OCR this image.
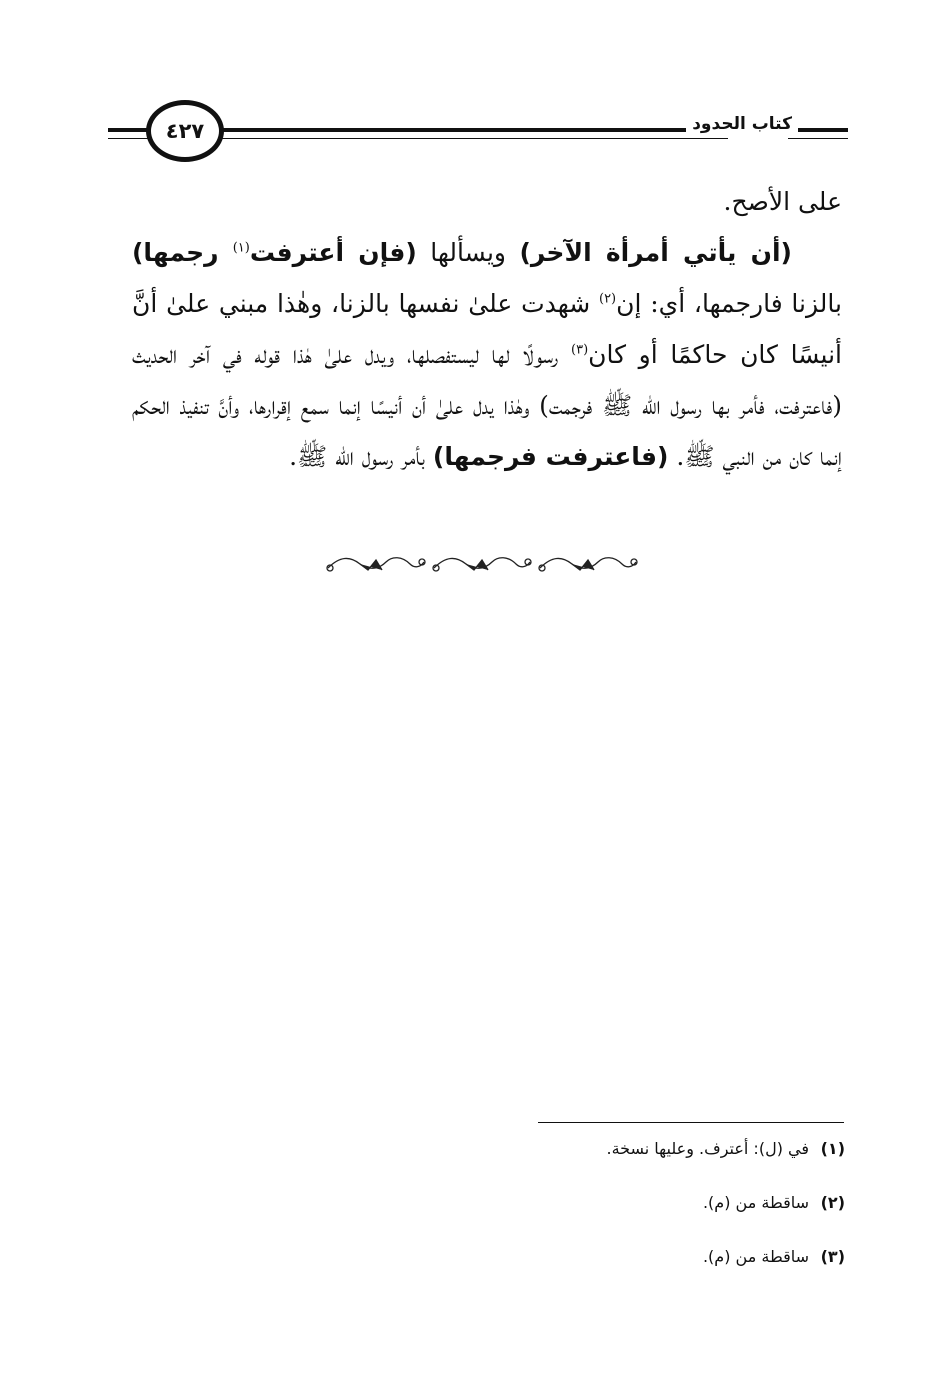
كتاب الحدود
٤٢٧

على الأصح.

(أن يأتي أمرأة الآخر) ويسألها (فإن أعترفت$^{(١)}$ رجمها) بالزنا فارجمها، أي: إن$^{(٢)}$ شهدت علىٰ نفسها بالزنا، وهٰذا مبني علىٰ أنَّ أنيسًا كان حاكمًا أو كان$^{(٣)}$ رسولًا لها ليستفصلها، ويدل علىٰ هٰذا قوله في آخر الحديث (فاعترفت، فأمر بها رسول الله ﷺ فرجمت) وهٰذا يدل علىٰ أن أنيسًا إنما سمع إقرارها، وأنَّ تنفيذ الحكم إنما كان من النبي ﷺ. (فاعترفت فرجمها) بأمر رسول الله ﷺ.

(١)في (ل): أعترف. وعليها نسخة.
(٢)ساقطة من (م).
(٣)ساقطة من (م).
